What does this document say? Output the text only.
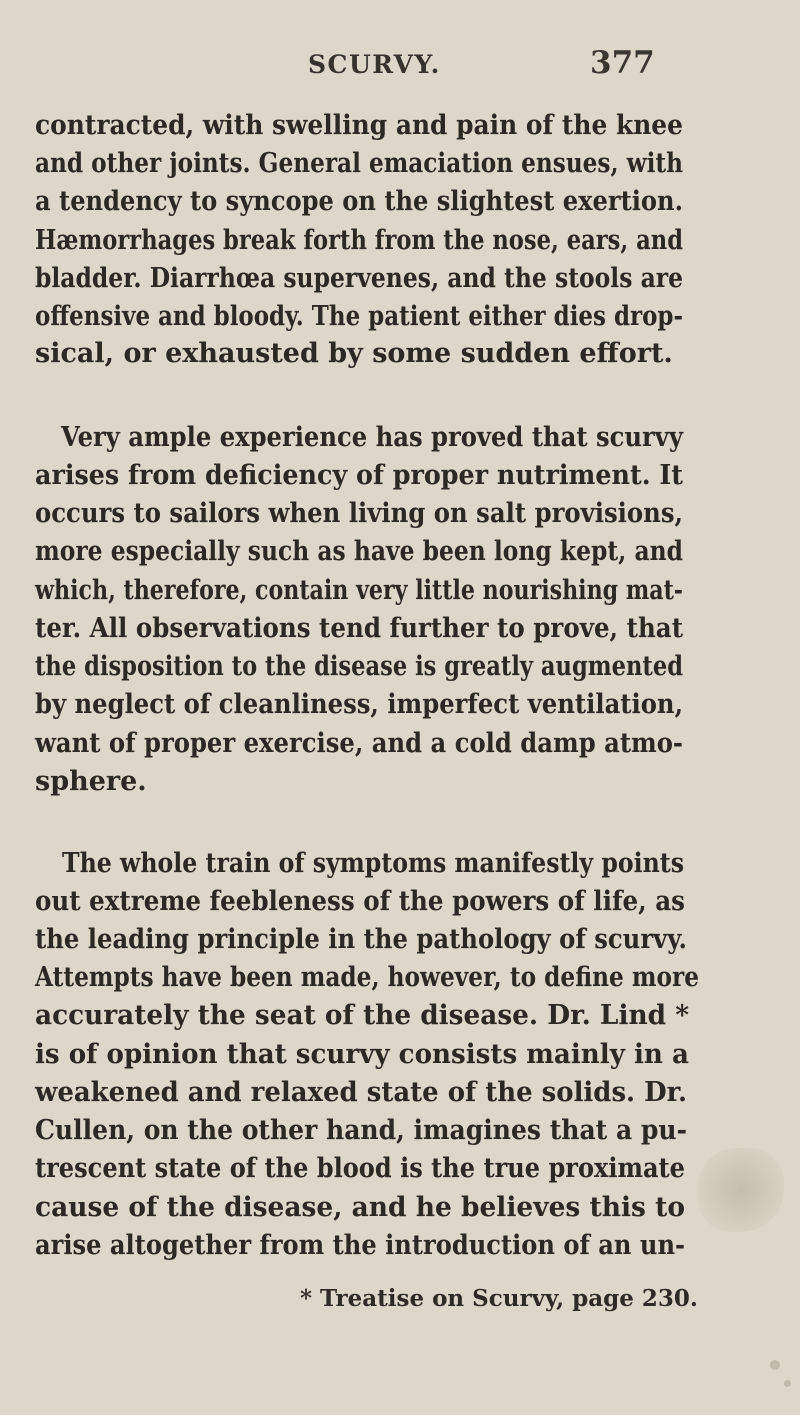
SCURVY.	377
contracted, with swelling and pain of the knee
and other joints. General emaciation ensues, with
a tendency to syncope on the slightest exertion.
Hæmorrhages break forth from the nose, ears, and
bladder. Diarrhœa supervenes, and the stools are
offensive and bloody. The patient either dies drop-
sical, or exhausted by some sudden effort.
Very ample experience has proved that scurvy
arises from deficiency of proper nutriment. It
occurs to sailors when living on salt provisions,
more especially such as have been long kept, and
which, therefore, contain very little nourishing mat-
ter. All observations tend further to prove, that
the disposition to the disease is greatly augmented
by neglect of cleanliness, imperfect ventilation,
want of proper exercise, and a cold damp atmo-
sphere.
The whole train of symptoms manifestly points
out extreme feebleness of the powers of life, as
the leading principle in the pathology of scurvy.
Attempts have been made, however, to define more
accurately the seat of the disease. Dr. Lind *
is of opinion that scurvy consists mainly in a
weakened and relaxed state of the solids. Dr.
Cullen, on the other hand, imagines that a pu-
trescent state of the blood is the true proximate
cause of the disease, and he believes this to
arise altogether from the introduction of an un-
* Treatise on Scurvy, page 230.
